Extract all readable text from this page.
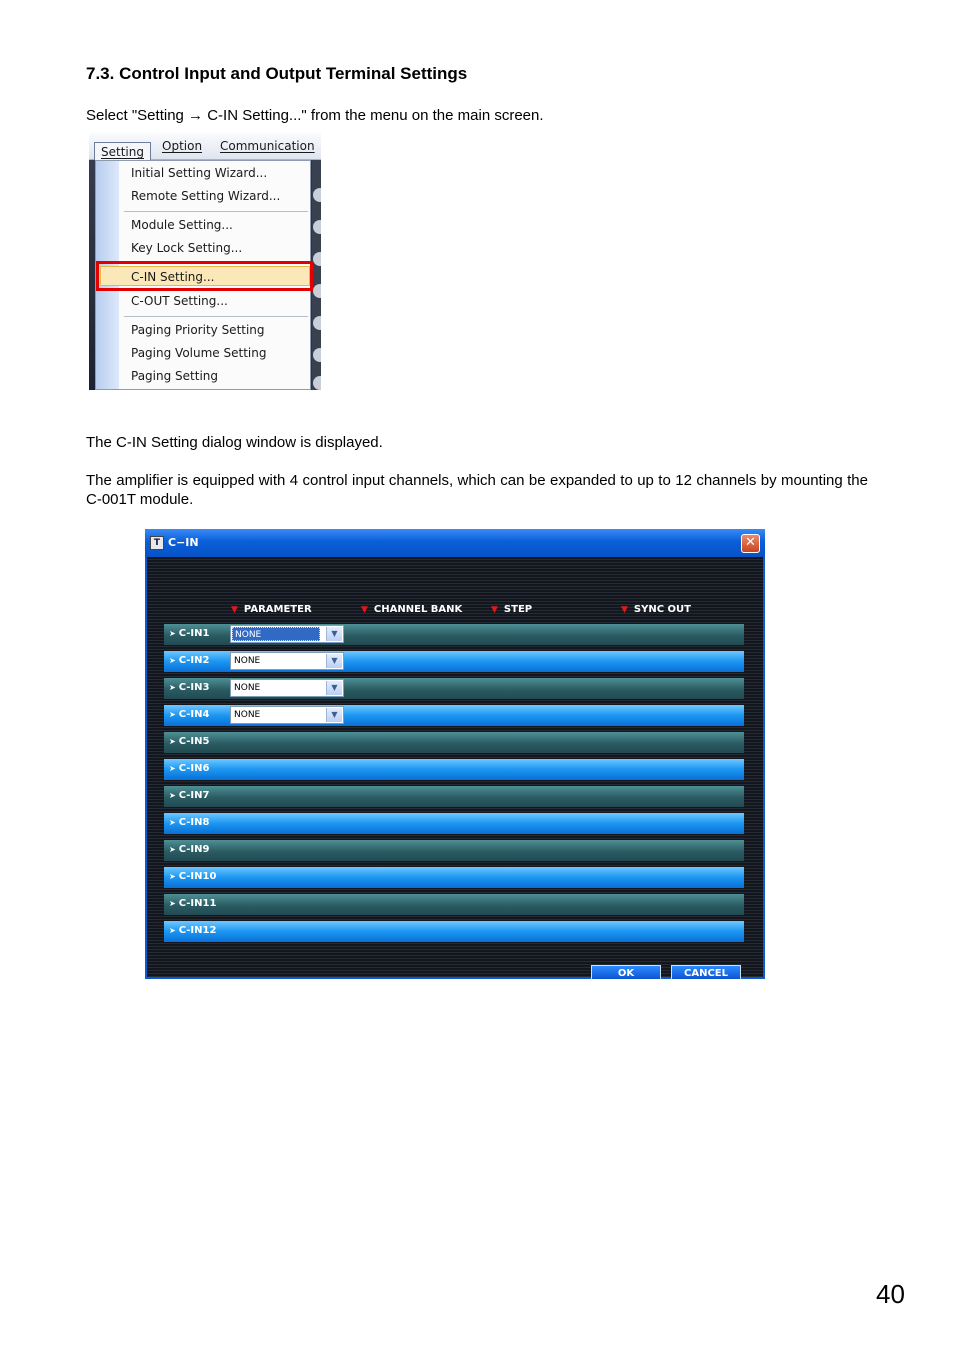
7.3. Control Input and Output Terminal Settings
Select "Setting → C-IN Setting..." from the menu on the main screen.
Setting	Option Communication
Initial Setting Wizard...
Remote Setting Wizard...
Module Setting...
Key Lock Setting...
C-IN Setting...
C-OUT Setting...
Paging Priority Setting
Paging Volume Setting
Paging Setting
The C-IN Setting dialog window is displayed.
The amplifier is equipped with 4 control input channels, which can be expanded to up to 12 channels by mounting the C-001T module.
T C−IN	✕
▼ PARAMETER	▼ CHANNEL BANK	▼ STEP	▼ SYNC OUT
➤ C-IN1	NONE	▼
➤ C-IN2	NONE	▼
➤ C-IN3	NONE	▼
➤ C-IN4	NONE	▼
➤ C-IN5
➤ C-IN6
➤ C-IN7
➤ C-IN8
➤ C-IN9
➤ C-IN10
➤ C-IN11
➤ C-IN12
OK	CANCEL
40
